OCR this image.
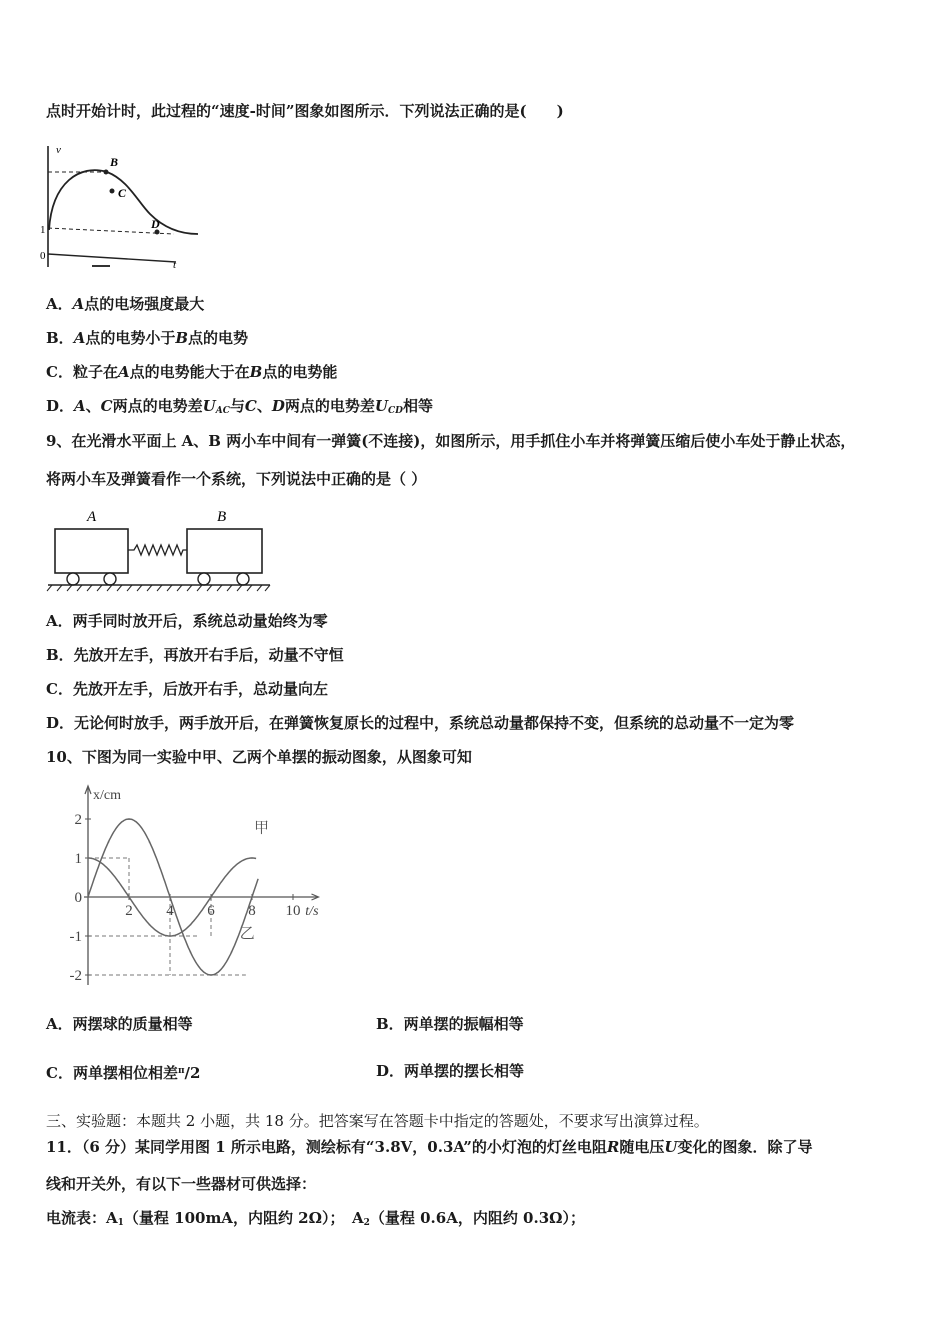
点时开始计时，此过程的“速度-时间”图象如图所示．下列说法正确的是(　　)
v
B
C
D
1
0
t
A．A点的电场强度最大
B．A点的电势小于B点的电势
C．粒子在A点的电势能大于在B点的电势能
D．A、C两点的电势差$U_{AC}$与C、D两点的电势差$U_{CD}$相等
9、在光滑水平面上 A、B 两小车中间有一弹簧(不连接)，如图所示，用手抓住小车并将弹簧压缩后使小车处于静止状态，
将两小车及弹簧看作一个系统，下列说法中正确的是（ ）
A	B
A．两手同时放开后，系统总动量始终为零
B．先放开左手，再放开右手后，动量不守恒
C．先放开左手，后放开右手，总动量向左
D．无论何时放手，两手放开后，在弹簧恢复原长的过程中，系统总动量都保持不变，但系统的总动量不一定为零
10、下图为同一实验中甲、乙两个单摆的振动图象，从图象可知
x/cm
t/s
2
1
0
-1
-2
2 4 6 8 10
甲
乙
A．两摆球的质量相等	B．两单摆的振幅相等
C．两单摆相位相差$^\pi$/2	D．两单摆的摆长相等
三、实验题：本题共 2 小题，共 18 分。把答案写在答题卡中指定的答题处，不要求写出演算过程。
11．（6 分）某同学用图 1 所示电路，测绘标有“3.8V，0.3A”的小灯泡的灯丝电阻R随电压U变化的图象．除了导
线和开关外，有以下一些器材可供选择：
电流表：$A_1$（量程 100mA，内阻约 2Ω）；　$A_2$（量程 0.6A，内阻约 0.3Ω）；
